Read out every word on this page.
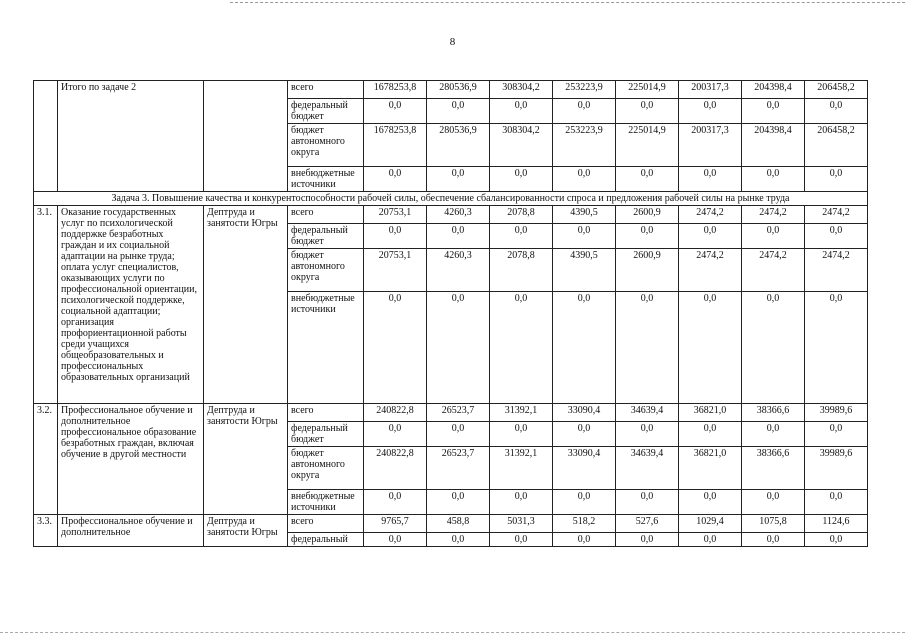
8
	Итого по задаче 2		всего	1678253,8	280536,9	308304,2	253223,9	225014,9	200317,3	204398,4	206458,2
			федеральный бюджет	0,0	0,0	0,0	0,0	0,0	0,0	0,0	0,0
			бюджет автономного округа	1678253,8	280536,9	308304,2	253223,9	225014,9	200317,3	204398,4	206458,2
			внебюджетные источники	0,0	0,0	0,0	0,0	0,0	0,0	0,0	0,0
Задача 3. Повышение качества и конкурентоспособности рабочей силы, обеспечение сбалансированности спроса и предложения рабочей силы на рынке труда											
3.1.	Оказание государственных услуг по психологической поддержке безработных граждан и их социальной адаптации на рынке труда; оплата услуг специалистов, оказывающих услуги по профессиональной ориентации, психологической поддержке, социальной адаптации; организация профориентационной работы среди учащихся общеобразовательных и профессиональных образовательных организаций	Дептруда и занятости Югры	всего	20753,1	4260,3	2078,8	4390,5	2600,9	2474,2	2474,2	2474,2
			федеральный бюджет	0,0	0,0	0,0	0,0	0,0	0,0	0,0	0,0
			бюджет автономного округа	20753,1	4260,3	2078,8	4390,5	2600,9	2474,2	2474,2	2474,2
			внебюджетные источники	0,0	0,0	0,0	0,0	0,0	0,0	0,0	0,0
3.2.	Профессиональное обучение и дополнительное профессиональное образование безработных граждан, включая обучение в другой местности	Дептруда и занятости Югры	всего	240822,8	26523,7	31392,1	33090,4	34639,4	36821,0	38366,6	39989,6
			федеральный бюджет	0,0	0,0	0,0	0,0	0,0	0,0	0,0	0,0
			бюджет автономного округа	240822,8	26523,7	31392,1	33090,4	34639,4	36821,0	38366,6	39989,6
			внебюджетные источники	0,0	0,0	0,0	0,0	0,0	0,0	0,0	0,0
3.3.	Профессиональное обучение и дополнительное	Дептруда и занятости Югры	всего	9765,7	458,8	5031,3	518,2	527,6	1029,4	1075,8	1124,6
			федеральный	0,0	0,0	0,0	0,0	0,0	0,0	0,0	0,0
